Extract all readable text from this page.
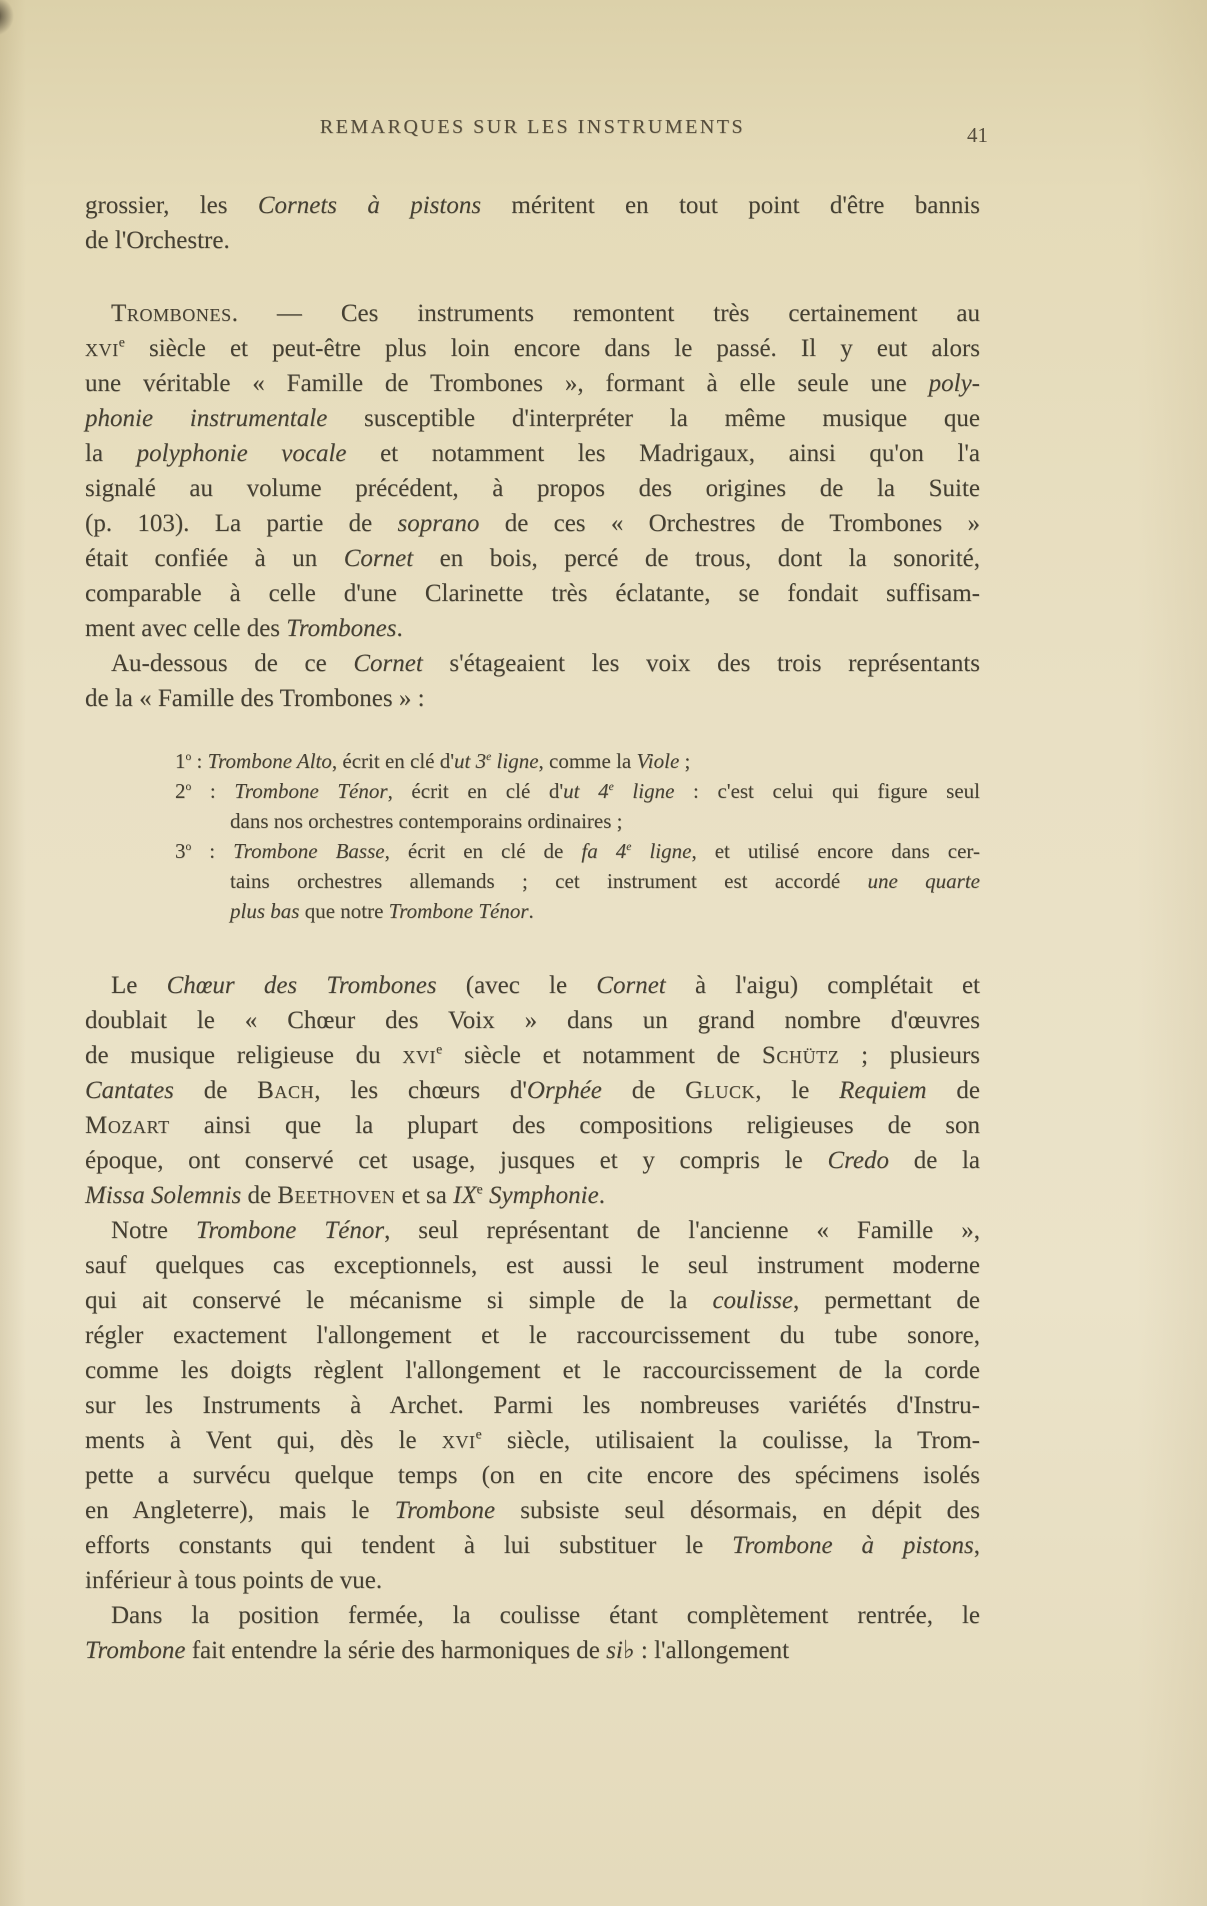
REMARQUES SUR LES INSTRUMENTS	41
grossier, les Cornets à pistons méritent en tout point d'être bannis
de l'Orchestre.
Trombones. — Ces instruments remontent très certainement au
xvi$^e$ siècle et peut-être plus loin encore dans le passé. Il y eut alors
une véritable « Famille de Trombones », formant à elle seule une poly-
phonie instrumentale susceptible d'interpréter la même musique que
la polyphonie vocale et notamment les Madrigaux, ainsi qu'on l'a
signalé au volume précédent, à propos des origines de la Suite
(p. 103). La partie de soprano de ces « Orchestres de Trombones »
était confiée à un Cornet en bois, percé de trous, dont la sonorité,
comparable à celle d'une Clarinette très éclatante, se fondait suffisam-
ment avec celle des Trombones.
Au-dessous de ce Cornet s'étageaient les voix des trois représentants
de la « Famille des Trombones » :
1$^o$ : Trombone Alto, écrit en clé d'ut 3e ligne, comme la Viole ;
2$^o$ : Trombone Ténor, écrit en clé d'ut 4e ligne : c'est celui qui figure seul
dans nos orchestres contemporains ordinaires ;
3$^o$ : Trombone Basse, écrit en clé de fa 4e ligne, et utilisé encore dans cer-
tains orchestres allemands ; cet instrument est accordé une quarte
plus bas que notre Trombone Ténor.
Le Chœur des Trombones (avec le Cornet à l'aigu) complétait et
doublait le « Chœur des Voix » dans un grand nombre d'œuvres
de musique religieuse du xvi$^e$ siècle et notamment de Schütz ; plusieurs
Cantates de Bach, les chœurs d'Orphée de Gluck, le Requiem de
Mozart ainsi que la plupart des compositions religieuses de son
époque, ont conservé cet usage, jusques et y compris le Credo de la
Missa Solemnis de Beethoven et sa IXe Symphonie.
Notre Trombone Ténor, seul représentant de l'ancienne « Famille »,
sauf quelques cas exceptionnels, est aussi le seul instrument moderne
qui ait conservé le mécanisme si simple de la coulisse, permettant de
régler exactement l'allongement et le raccourcissement du tube sonore,
comme les doigts règlent l'allongement et le raccourcissement de la corde
sur les Instruments à Archet. Parmi les nombreuses variétés d'Instru-
ments à Vent qui, dès le xvi$^e$ siècle, utilisaient la coulisse, la Trom-
pette a survécu quelque temps (on en cite encore des spécimens isolés
en Angleterre), mais le Trombone subsiste seul désormais, en dépit des
efforts constants qui tendent à lui substituer le Trombone à pistons,
inférieur à tous points de vue.
Dans la position fermée, la coulisse étant complètement rentrée, le
Trombone fait entendre la série des harmoniques de si♭ : l'allongement
